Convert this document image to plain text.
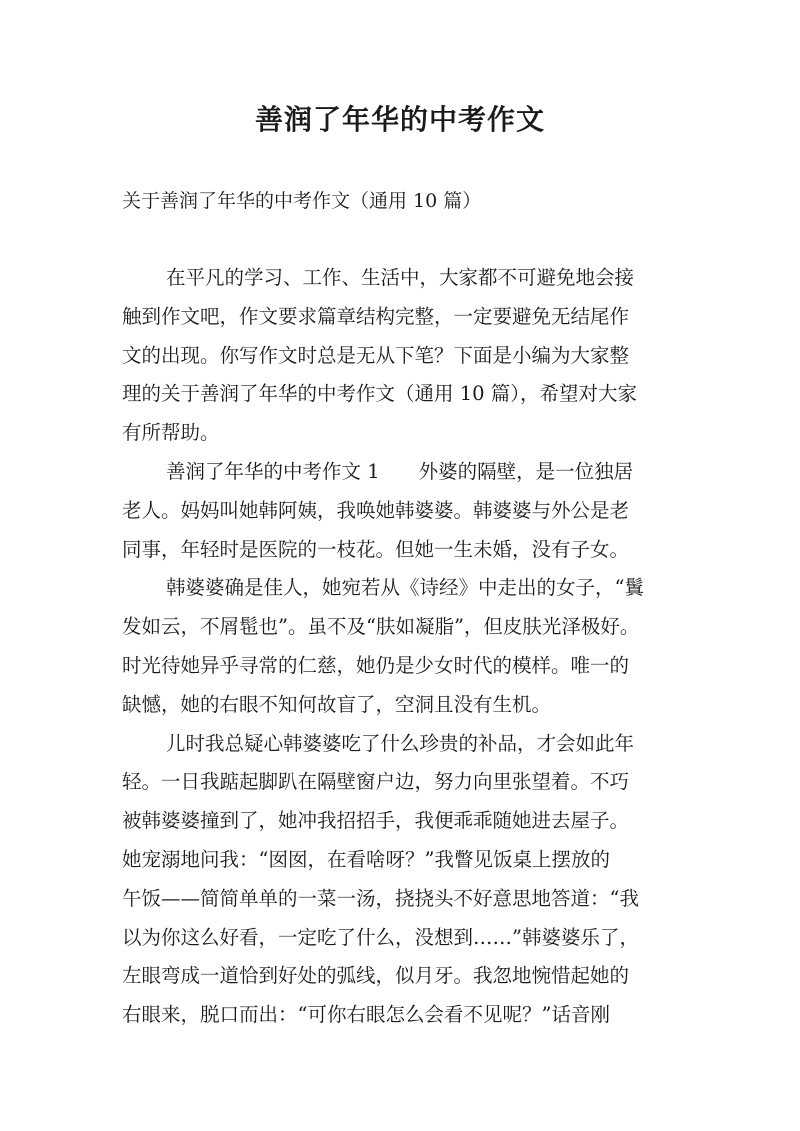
善润了年华的中考作文
关于善润了年华的中考作文（通用 10 篇）
在平凡的学习、工作、生活中，大家都不可避免地会接
触到作文吧，作文要求篇章结构完整，一定要避免无结尾作
文的出现。你写作文时总是无从下笔？下面是小编为大家整
理的关于善润了年华的中考作文（通用 10 篇），希望对大家
有所帮助。
善润了年华的中考作文 1　　外婆的隔壁，是一位独居
老人。妈妈叫她韩阿姨，我唤她韩婆婆。韩婆婆与外公是老
同事，年轻时是医院的一枝花。但她一生未婚，没有子女。
韩婆婆确是佳人，她宛若从《诗经》中走出的女子，“鬒
发如云，不屑髢也”。虽不及“肤如凝脂”，但皮肤光泽极好。
时光待她异乎寻常的仁慈，她仍是少女时代的模样。唯一的
缺憾，她的右眼不知何故盲了，空洞且没有生机。
儿时我总疑心韩婆婆吃了什么珍贵的补品，才会如此年
轻。一日我踮起脚趴在隔壁窗户边，努力向里张望着。不巧
被韩婆婆撞到了，她冲我招招手，我便乖乖随她进去屋子。
她宠溺地问我：“囡囡，在看啥呀？”我瞥见饭桌上摆放的
午饭——简简单单的一菜一汤，挠挠头不好意思地答道：“我
以为你这么好看，一定吃了什么，没想到……”韩婆婆乐了，
左眼弯成一道恰到好处的弧线，似月牙。我忽地惋惜起她的
右眼来，脱口而出：“可你右眼怎么会看不见呢？”话音刚
